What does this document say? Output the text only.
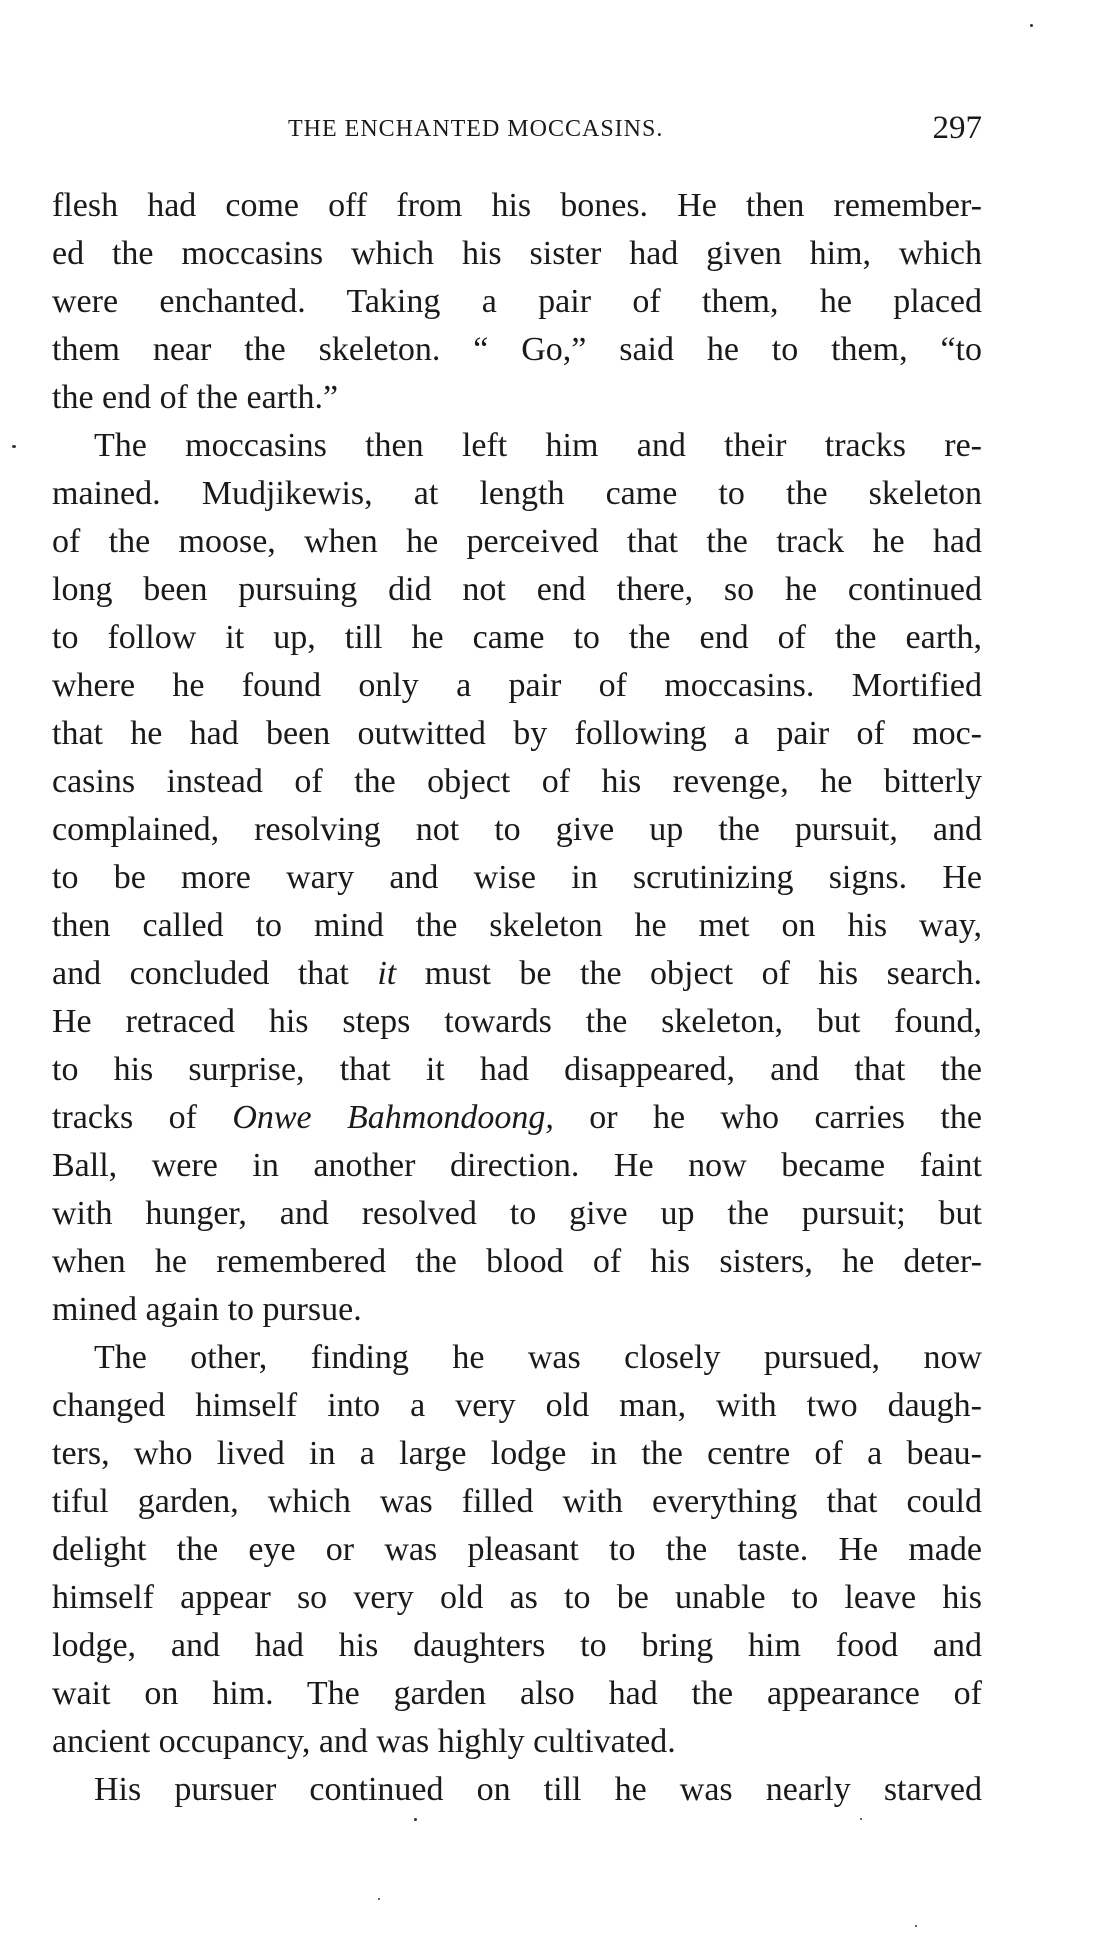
THE ENCHANTED MOCCASINS.	297
flesh had come off from his bones. He then remember-
ed the moccasins which his sister had given him, which
were enchanted. Taking a pair of them, he placed
them near the skeleton. “ Go,” said he to them, “to
the end of the earth.”
The moccasins then left him and their tracks re-
mained. Mudjikewis, at length came to the skeleton
of the moose, when he perceived that the track he had
long been pursuing did not end there, so he continued
to follow it up, till he came to the end of the earth,
where he found only a pair of moccasins. Mortified
that he had been outwitted by following a pair of moc-
casins instead of the object of his revenge, he bitterly
complained, resolving not to give up the pursuit, and
to be more wary and wise in scrutinizing signs. He
then called to mind the skeleton he met on his way,
and concluded that it must be the object of his search.
He retraced his steps towards the skeleton, but found,
to his surprise, that it had disappeared, and that the
tracks of Onwe Bahmondoong, or he who carries the
Ball, were in another direction. He now became faint
with hunger, and resolved to give up the pursuit; but
when he remembered the blood of his sisters, he deter-
mined again to pursue.
The other, finding he was closely pursued, now
changed himself into a very old man, with two daugh-
ters, who lived in a large lodge in the centre of a beau-
tiful garden, which was filled with everything that could
delight the eye or was pleasant to the taste. He made
himself appear so very old as to be unable to leave his
lodge, and had his daughters to bring him food and
wait on him. The garden also had the appearance of
ancient occupancy, and was highly cultivated.
His pursuer continued on till he was nearly starved
